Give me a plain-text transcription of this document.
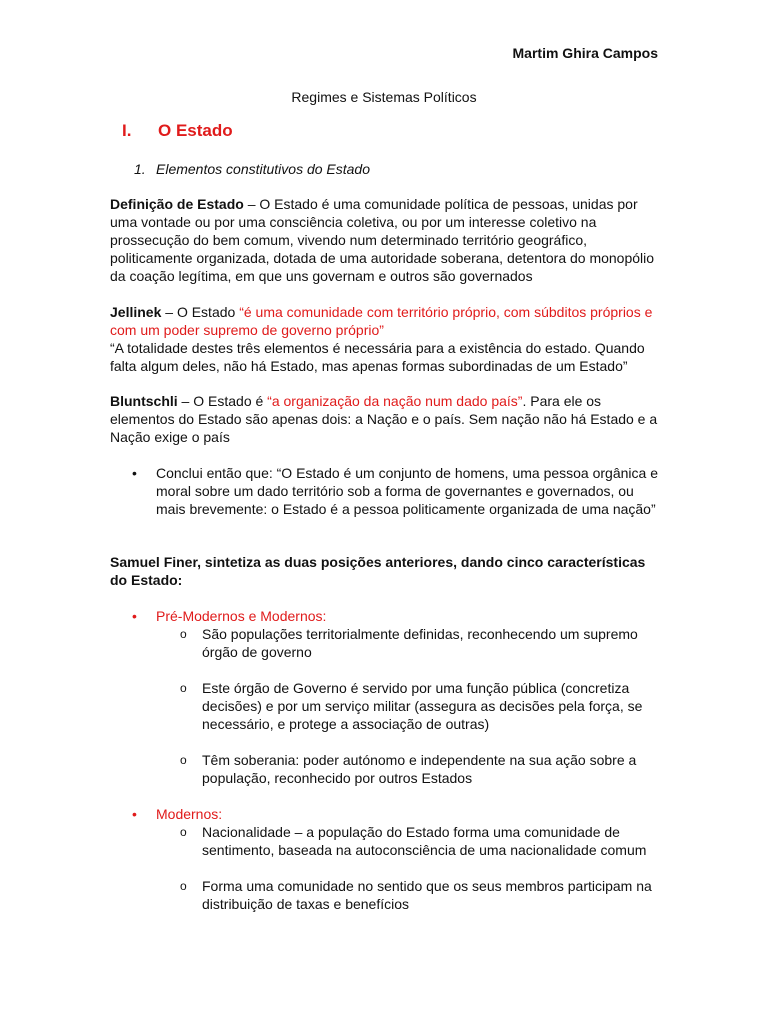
Martim Ghira Campos
Regimes e Sistemas Políticos
I. O Estado
1. Elementos constitutivos do Estado
Definição de Estado – O Estado é uma comunidade política de pessoas, unidas por uma vontade ou por uma consciência coletiva, ou por um interesse coletivo na prossecução do bem comum, vivendo num determinado território geográfico, politicamente organizada, dotada de uma autoridade soberana, detentora do monopólio da coação legítima, em que uns governam e outros são governados
Jellinek – O Estado “é uma comunidade com território próprio, com súbditos próprios e com um poder supremo de governo próprio”
“A totalidade destes três elementos é necessária para a existência do estado. Quando falta algum deles, não há Estado, mas apenas formas subordinadas de um Estado”
Bluntschli – O Estado é “a organização da nação num dado país”. Para ele os elementos do Estado são apenas dois: a Nação e o país. Sem nação não há Estado e a Nação exige o país
• Conclui então que: “O Estado é um conjunto de homens, uma pessoa orgânica e moral sobre um dado território sob a forma de governantes e governados, ou mais brevemente: o Estado é a pessoa politicamente organizada de uma nação”
Samuel Finer, sintetiza as duas posições anteriores, dando cinco características do Estado:
• Pré-Modernos e Modernos:
o São populações territorialmente definidas, reconhecendo um supremo órgão de governo
o Este órgão de Governo é servido por uma função pública (concretiza decisões) e por um serviço militar (assegura as decisões pela força, se necessário, e protege a associação de outras)
o Têm soberania: poder autónomo e independente na sua ação sobre a população, reconhecido por outros Estados
• Modernos:
o Nacionalidade – a população do Estado forma uma comunidade de sentimento, baseada na autoconsciência de uma nacionalidade comum
o Forma uma comunidade no sentido que os seus membros participam na distribuição de taxas e benefícios
